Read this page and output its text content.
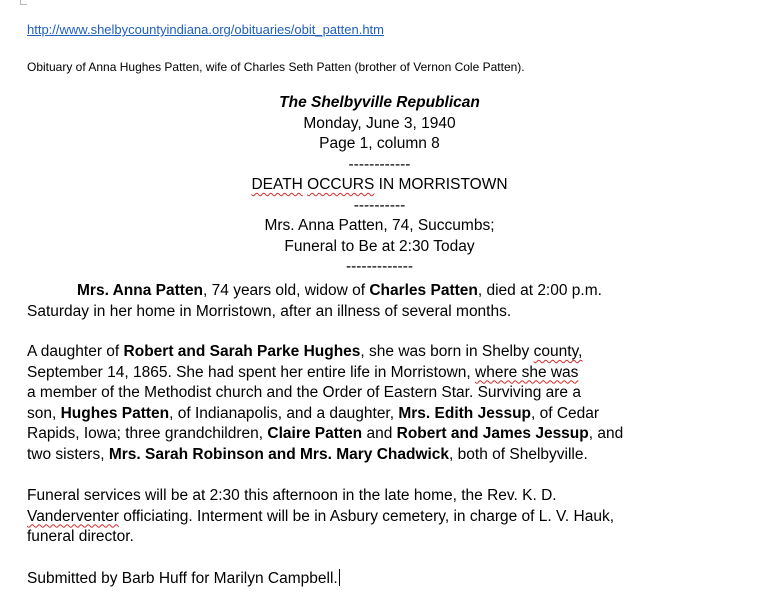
http://www.shelbycountyindiana.org/obituaries/obit_patten.htm
Obituary of Anna Hughes Patten, wife of Charles Seth Patten (brother of Vernon Cole Patten).
The Shelbyville Republican
Monday, June 3, 1940
Page 1, column 8
------------
DEATH OCCURS IN MORRISTOWN
----------
Mrs. Anna Patten, 74, Succumbs;
Funeral to Be at 2:30 Today
-------------
Mrs. Anna Patten, 74 years old, widow of Charles Patten, died at 2:00 p.m.
Saturday in her home in Morristown, after an illness of several months.
A daughter of Robert and Sarah Parke Hughes, she was born in Shelby county,
September 14, 1865. She had spent her entire life in Morristown, where she was
a member of the Methodist church and the Order of Eastern Star. Surviving are a
son, Hughes Patten, of Indianapolis, and a daughter, Mrs. Edith Jessup, of Cedar
Rapids, Iowa; three grandchildren, Claire Patten and Robert and James Jessup, and
two sisters, Mrs. Sarah Robinson and Mrs. Mary Chadwick, both of Shelbyville.
Funeral services will be at 2:30 this afternoon in the late home, the Rev. K. D.
Vanderventer officiating. Interment will be in Asbury cemetery, in charge of L. V. Hauk,
funeral director.
Submitted by Barb Huff for Marilyn Campbell.
